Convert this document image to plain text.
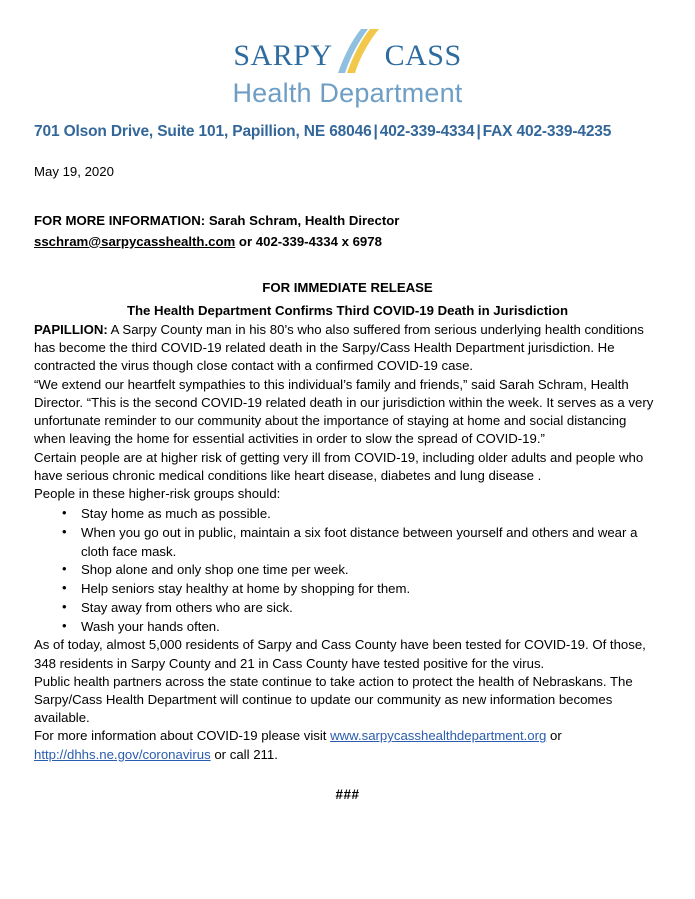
sarpy cass
Health Department
701 Olson Drive, Suite 101, Papillion, NE 68046 | 402-339-4334 | FAX 402-339-4235
May 19, 2020
FOR MORE INFORMATION: Sarah Schram, Health Director
sschram@sarpycasshealth.com or 402-339-4334 x 6978
FOR IMMEDIATE RELEASE
The Health Department Confirms Third COVID-19 Death in Jurisdiction

PAPILLION: A Sarpy County man in his 80’s who also suffered from serious underlying health conditions has become the third COVID-19 related death in the Sarpy/Cass Health Department jurisdiction. He contracted the virus though close contact with a confirmed COVID-19 case.

“We extend our heartfelt sympathies to this individual’s family and friends,” said Sarah Schram, Health Director. “This is the second COVID-19 related death in our jurisdiction within the week. It serves as a very unfortunate reminder to our community about the importance of staying at home and social distancing when leaving the home for essential activities in order to slow the spread of COVID-19.”

Certain people are at higher risk of getting very ill from COVID-19, including older adults and people who have serious chronic medical conditions like heart disease, diabetes and lung disease .

People in these higher-risk groups should:

• Stay home as much as possible.
• When you go out in public, maintain a six foot distance between yourself and others and wear a cloth face mask.
• Shop alone and only shop one time per week.
• Help seniors stay healthy at home by shopping for them.
• Stay away from others who are sick.
• Wash your hands often.

As of today, almost 5,000 residents of Sarpy and Cass County have been tested for COVID-19. Of those, 348 residents in Sarpy County and 21 in Cass County have tested positive for the virus.

Public health partners across the state continue to take action to protect the health of Nebraskans. The Sarpy/Cass Health Department will continue to update our community as new information becomes available.

For more information about COVID-19 please visit www.sarpycasshealthdepartment.org or http://dhhs.ne.gov/coronavirus or call 211.

###
